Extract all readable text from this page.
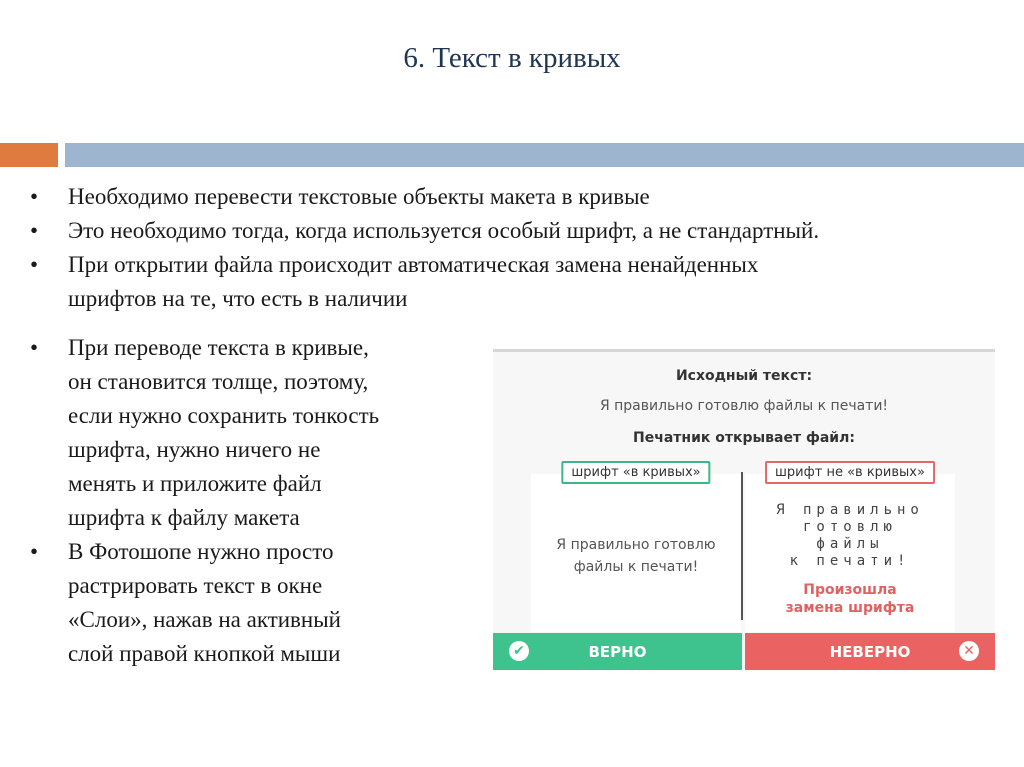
6. Текст в кривых
• Необходимо перевести текстовые объекты макета в кривые
• Это необходимо тогда, когда используется особый шрифт, а не стандартный.
• При открытии файла происходит автоматическая замена ненайденных
шрифтов на те, что есть в наличии
• При переводе текста в кривые,
он становится толще, поэтому,
если нужно сохранить тонкость
шрифта, нужно ничего не
менять и приложите файл
шрифта к файлу макета
• В Фотошопе нужно просто
растрировать текст в окне
«Слои», нажав на активный
слой правой кнопкой мыши
Исходный текст:
Я правильно готовлю файлы к печати!
Печатник открывает файл:
шрифт «в кривых»
Я правильно готовлю
файлы к печати!
шрифт не «в кривых»
Я правильно
готовлю
файлы
к печати!
Произошла
замена шрифта
✔	ВЕРНО	НЕВЕРНО	✕
